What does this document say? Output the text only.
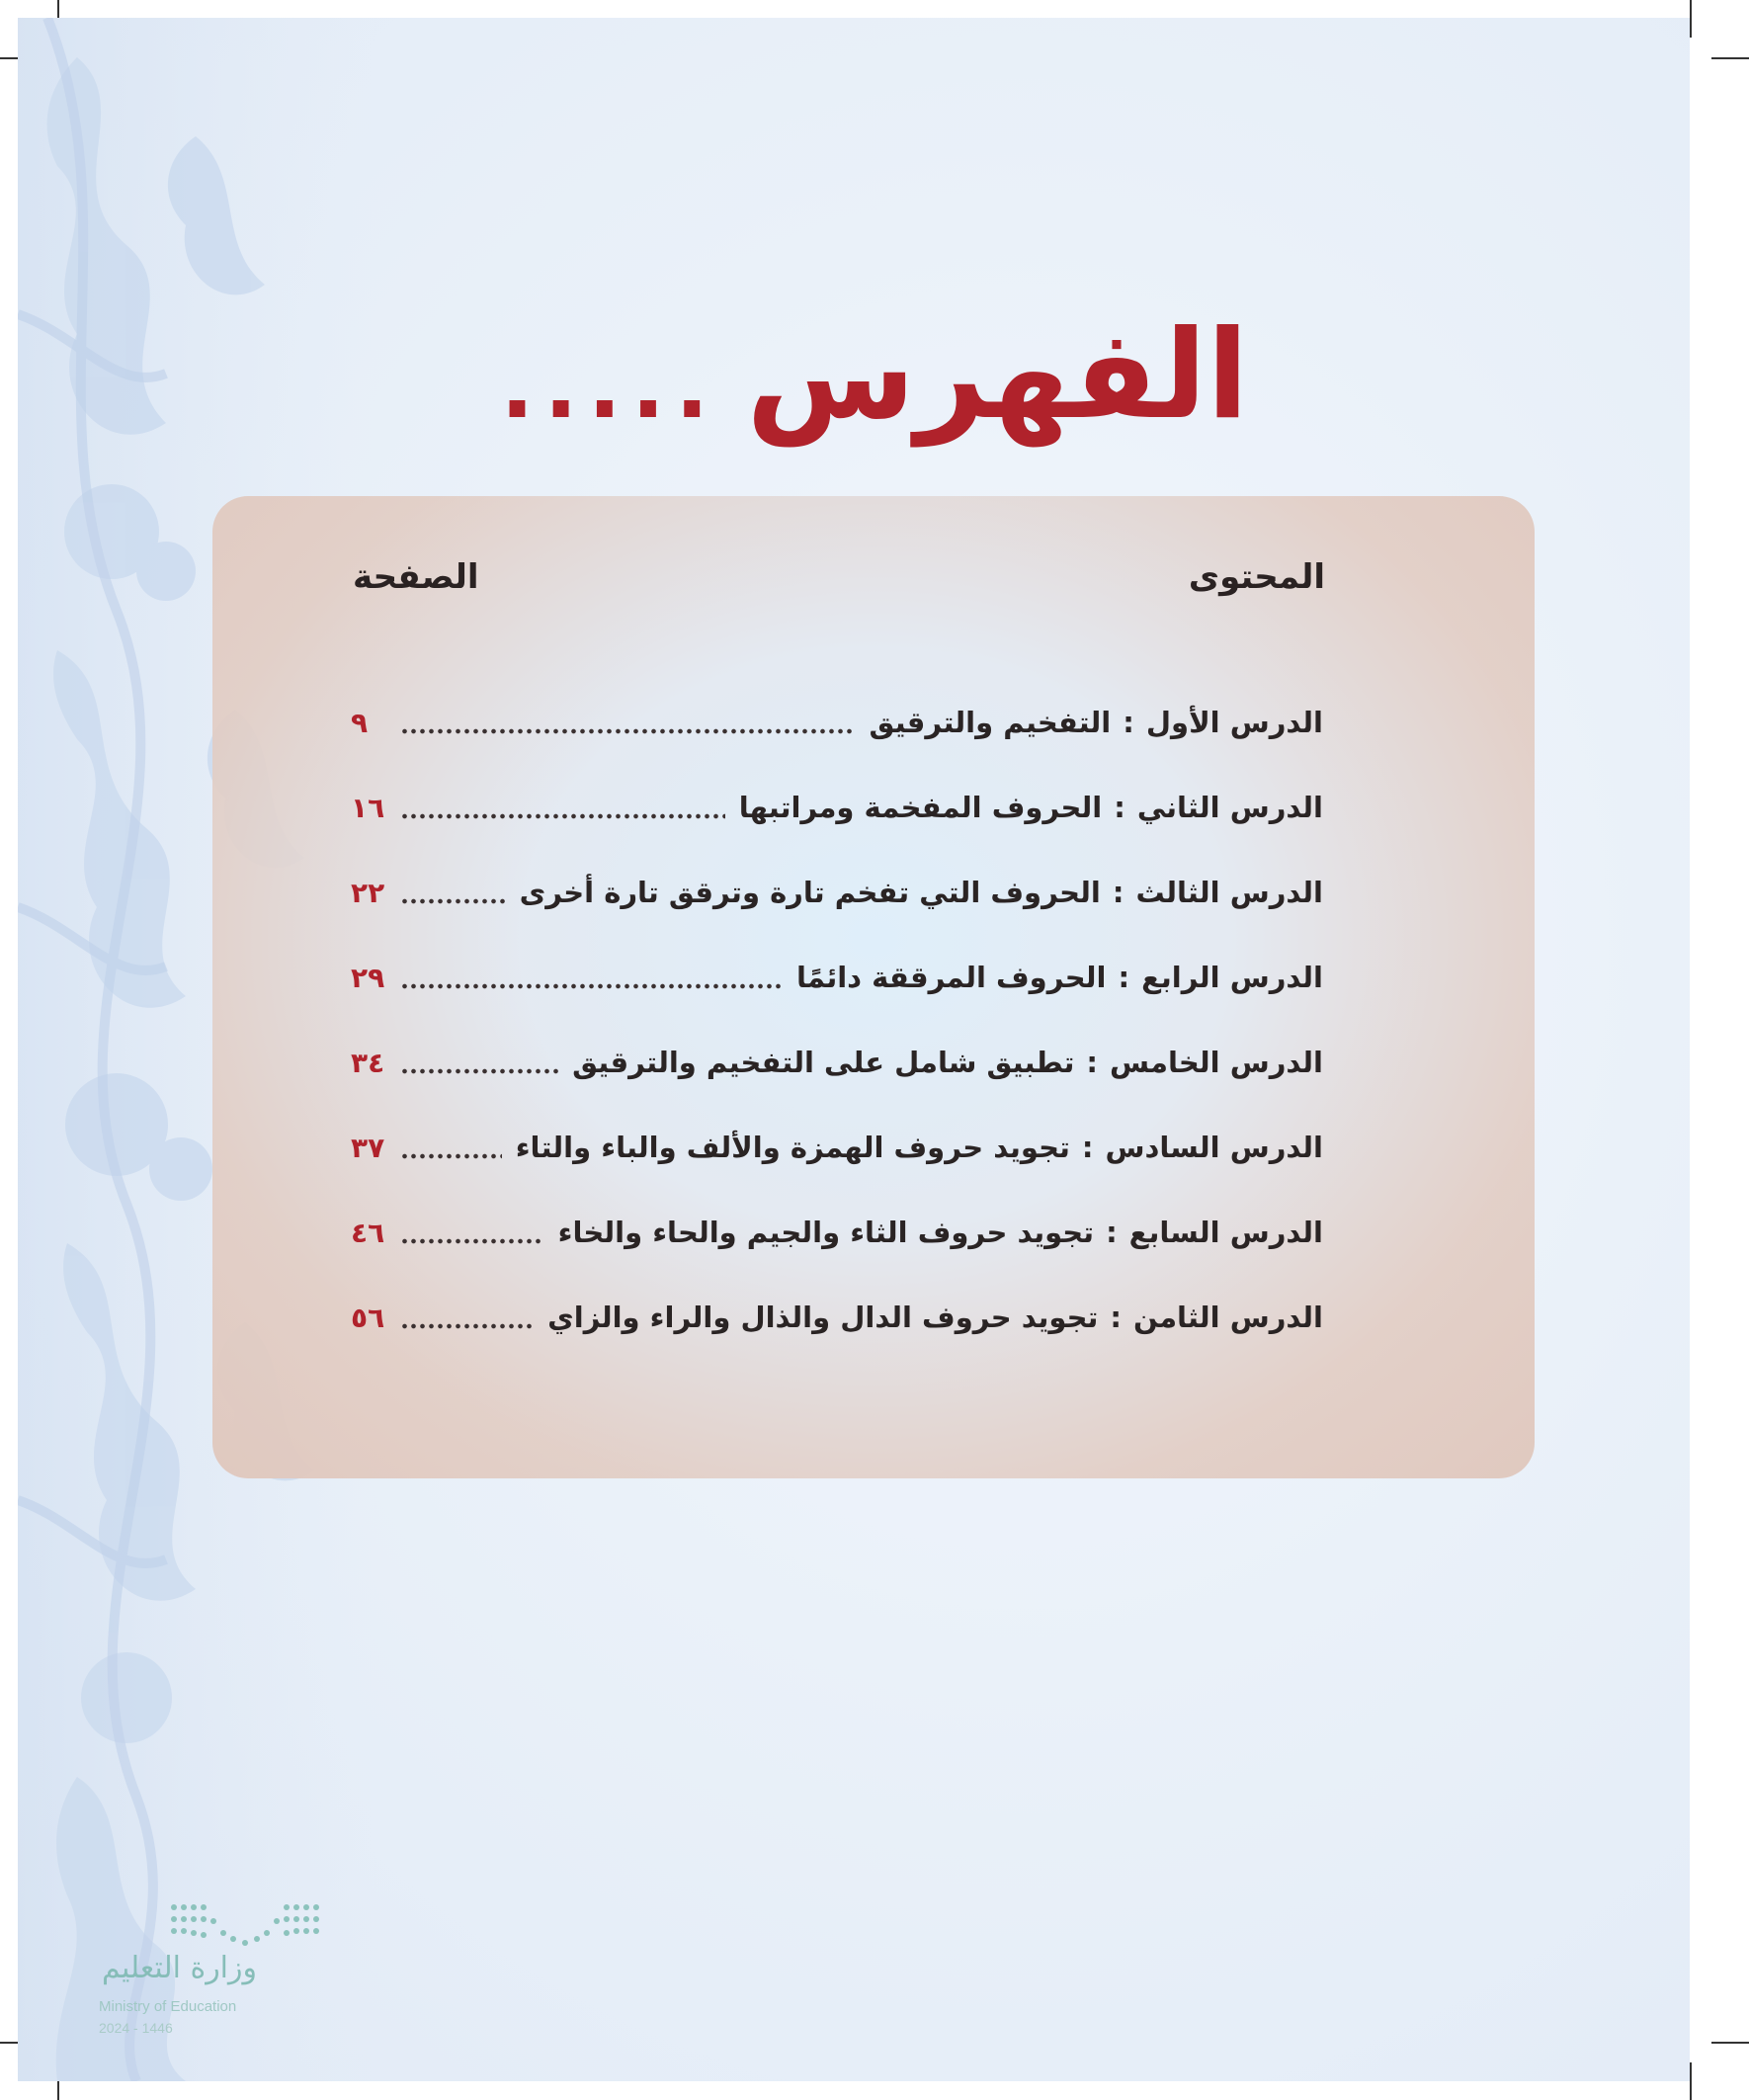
الفهرس.....
المحتوى
الصفحة
الدرس الأول
:
التفخيم والترقيق
٩
الدرس الثاني
:
الحروف المفخمة ومراتبها
١٦
الدرس الثالث
:
الحروف التي تفخم تارة وترقق تارة أخرى
٢٢
الدرس الرابع
:
الحروف المرققة دائمًا
٢٩
الدرس الخامس
:
تطبيق شامل على التفخيم والترقيق
٣٤
الدرس السادس
:
تجويد حروف الهمزة والألف والباء والتاء
٣٧
الدرس السابع
:
تجويد حروف الثاء والجيم والحاء والخاء
٤٦
الدرس الثامن
:
تجويد حروف الدال والذال والراء والزاي
٥٦
وزارة التعليم
Ministry of Education
2024 - 1446
